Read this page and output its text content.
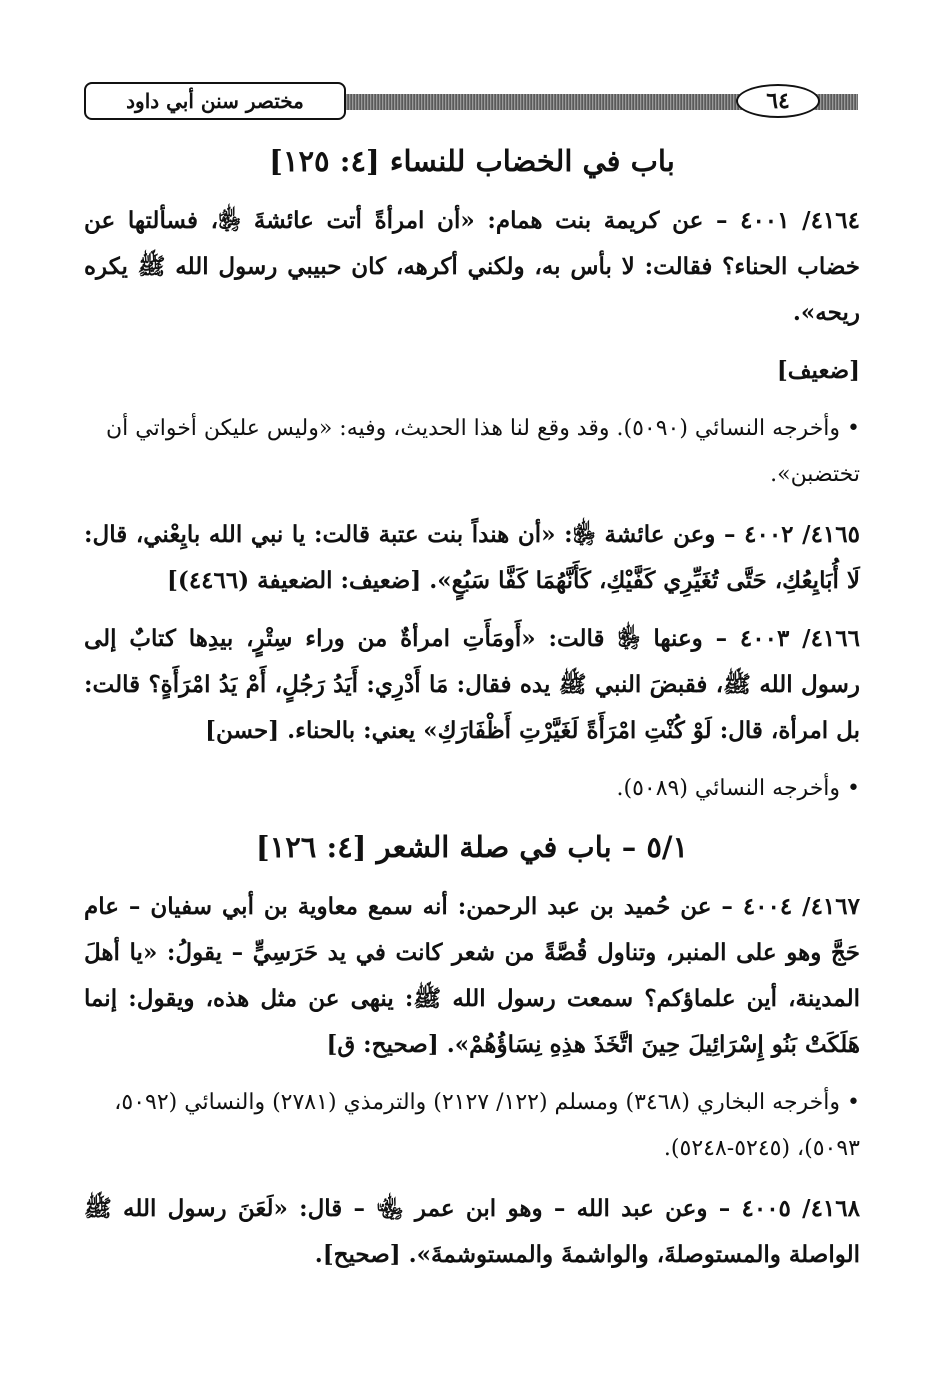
مختصر سنن أبي داود	٦٤
باب في الخضاب للنساء [٤: ١٢٥]
٤١٦٤/ ٤٠٠١ – عن كريمة بنت همام: «أن امرأةً أتت عائشةَ ﵂، فسألتها عن خضاب الحناء؟ فقالت: لا بأس به، ولكني أكرهه، كان حبيبي رسول الله ﷺ يكره ريحه».
[ضعيف]
• وأخرجه النسائي (٥٠٩٠). وقد وقع لنا هذا الحديث، وفيه: «وليس عليكن أخواتي أن تختضبن».
٤١٦٥/ ٤٠٠٢ – وعن عائشة ﵂: «أن هنداً بنت عتبة قالت: يا نبي الله بايِعْني، قال: لَا أُبَايِعُكِ، حَتَّى تُغَيِّرِي كَفَّيْكِ، كَأَنَّهُمَا كَفَّا سَبُعٍ». [ضعيف: الضعيفة (٤٤٦٦)]
٤١٦٦/ ٤٠٠٣ – وعنها ﵂ قالت: «أَومَأَتِ امرأةٌ من وراء سِتْرٍ، بيدِها كتابٌ إلى رسول الله ﷺ، فقبضَ النبي ﷺ يده فقال: مَا أَدْرِي: أَيَدُ رَجُلٍ، أَمْ يَدُ امْرَأَةٍ؟ قالت: بل امرأة، قال: لَوْ كُنْتِ امْرَأَةً لَغَيَّرْتِ أَظْفَارَكِ» يعني: بالحناء. [حسن]
• وأخرجه النسائي (٥٠٨٩).
٥/١ – باب في صلة الشعر [٤: ١٢٦]
٤١٦٧/ ٤٠٠٤ – عن حُميد بن عبد الرحمن: أنه سمع معاوية بن أبي سفيان – عام حَجَّ وهو على المنبر، وتناول قُصَّةً من شعر كانت في يد حَرَسِيٍّ – يقولُ: «يا أهلَ المدينة، أين علماؤكم؟ سمعت رسول الله ﷺ: ينهى عن مثل هذه، ويقول: إنما هَلَكَتْ بَنُو إِسْرَائِيلَ حِينَ اتَّخَذَ هذِهِ نِسَاؤُهُمْ». [صحيح: ق]
• وأخرجه البخاري (٣٤٦٨) ومسلم (١٢٢/ ٢١٢٧) والترمذي (٢٧٨١) والنسائي (٥٠٩٢، ٥٠٩٣)، (٥٢٤٥-٥٢٤٨).
٤١٦٨/ ٤٠٠٥ – وعن عبد الله – وهو ابن عمر ﵄ – قال: «لَعَنَ رسول الله ﷺ الواصلة والمستوصلةَ، والواشمةَ والمستوشمةَ». [صحيح].
